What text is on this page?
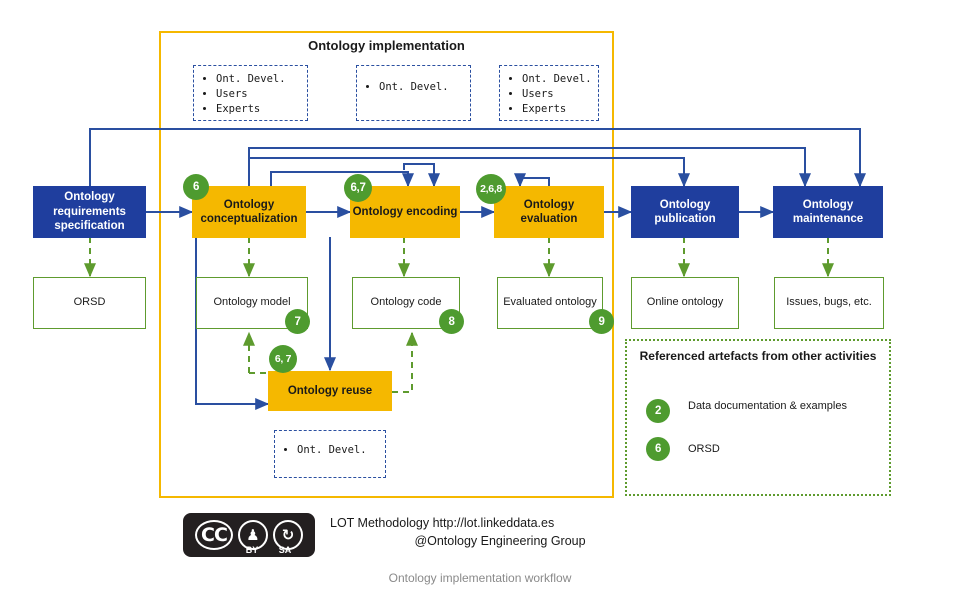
Ontology implementation
• Ont. Devel.
• Users
• Experts
• Ont. Devel.
• Ont. Devel.
• Users
• Experts
• Ont. Devel.
Ontology requirements specification
Ontology conceptualization
Ontology encoding
Ontology evaluation
Ontology publication
Ontology maintenance
Ontology reuse
ORSD	Ontology model	Ontology code	Evaluated ontology	Online ontology	Issues, bugs, etc.
6	6,7	2,6,8
7	8	9
6, 7	Referenced artefacts from other activities
2	Data documentation & examples
6	ORSD
CC	♟	↻
BY	SA
LOT Methodology http://lot.linkeddata.es
@Ontology Engineering Group
Ontology implementation workflow
